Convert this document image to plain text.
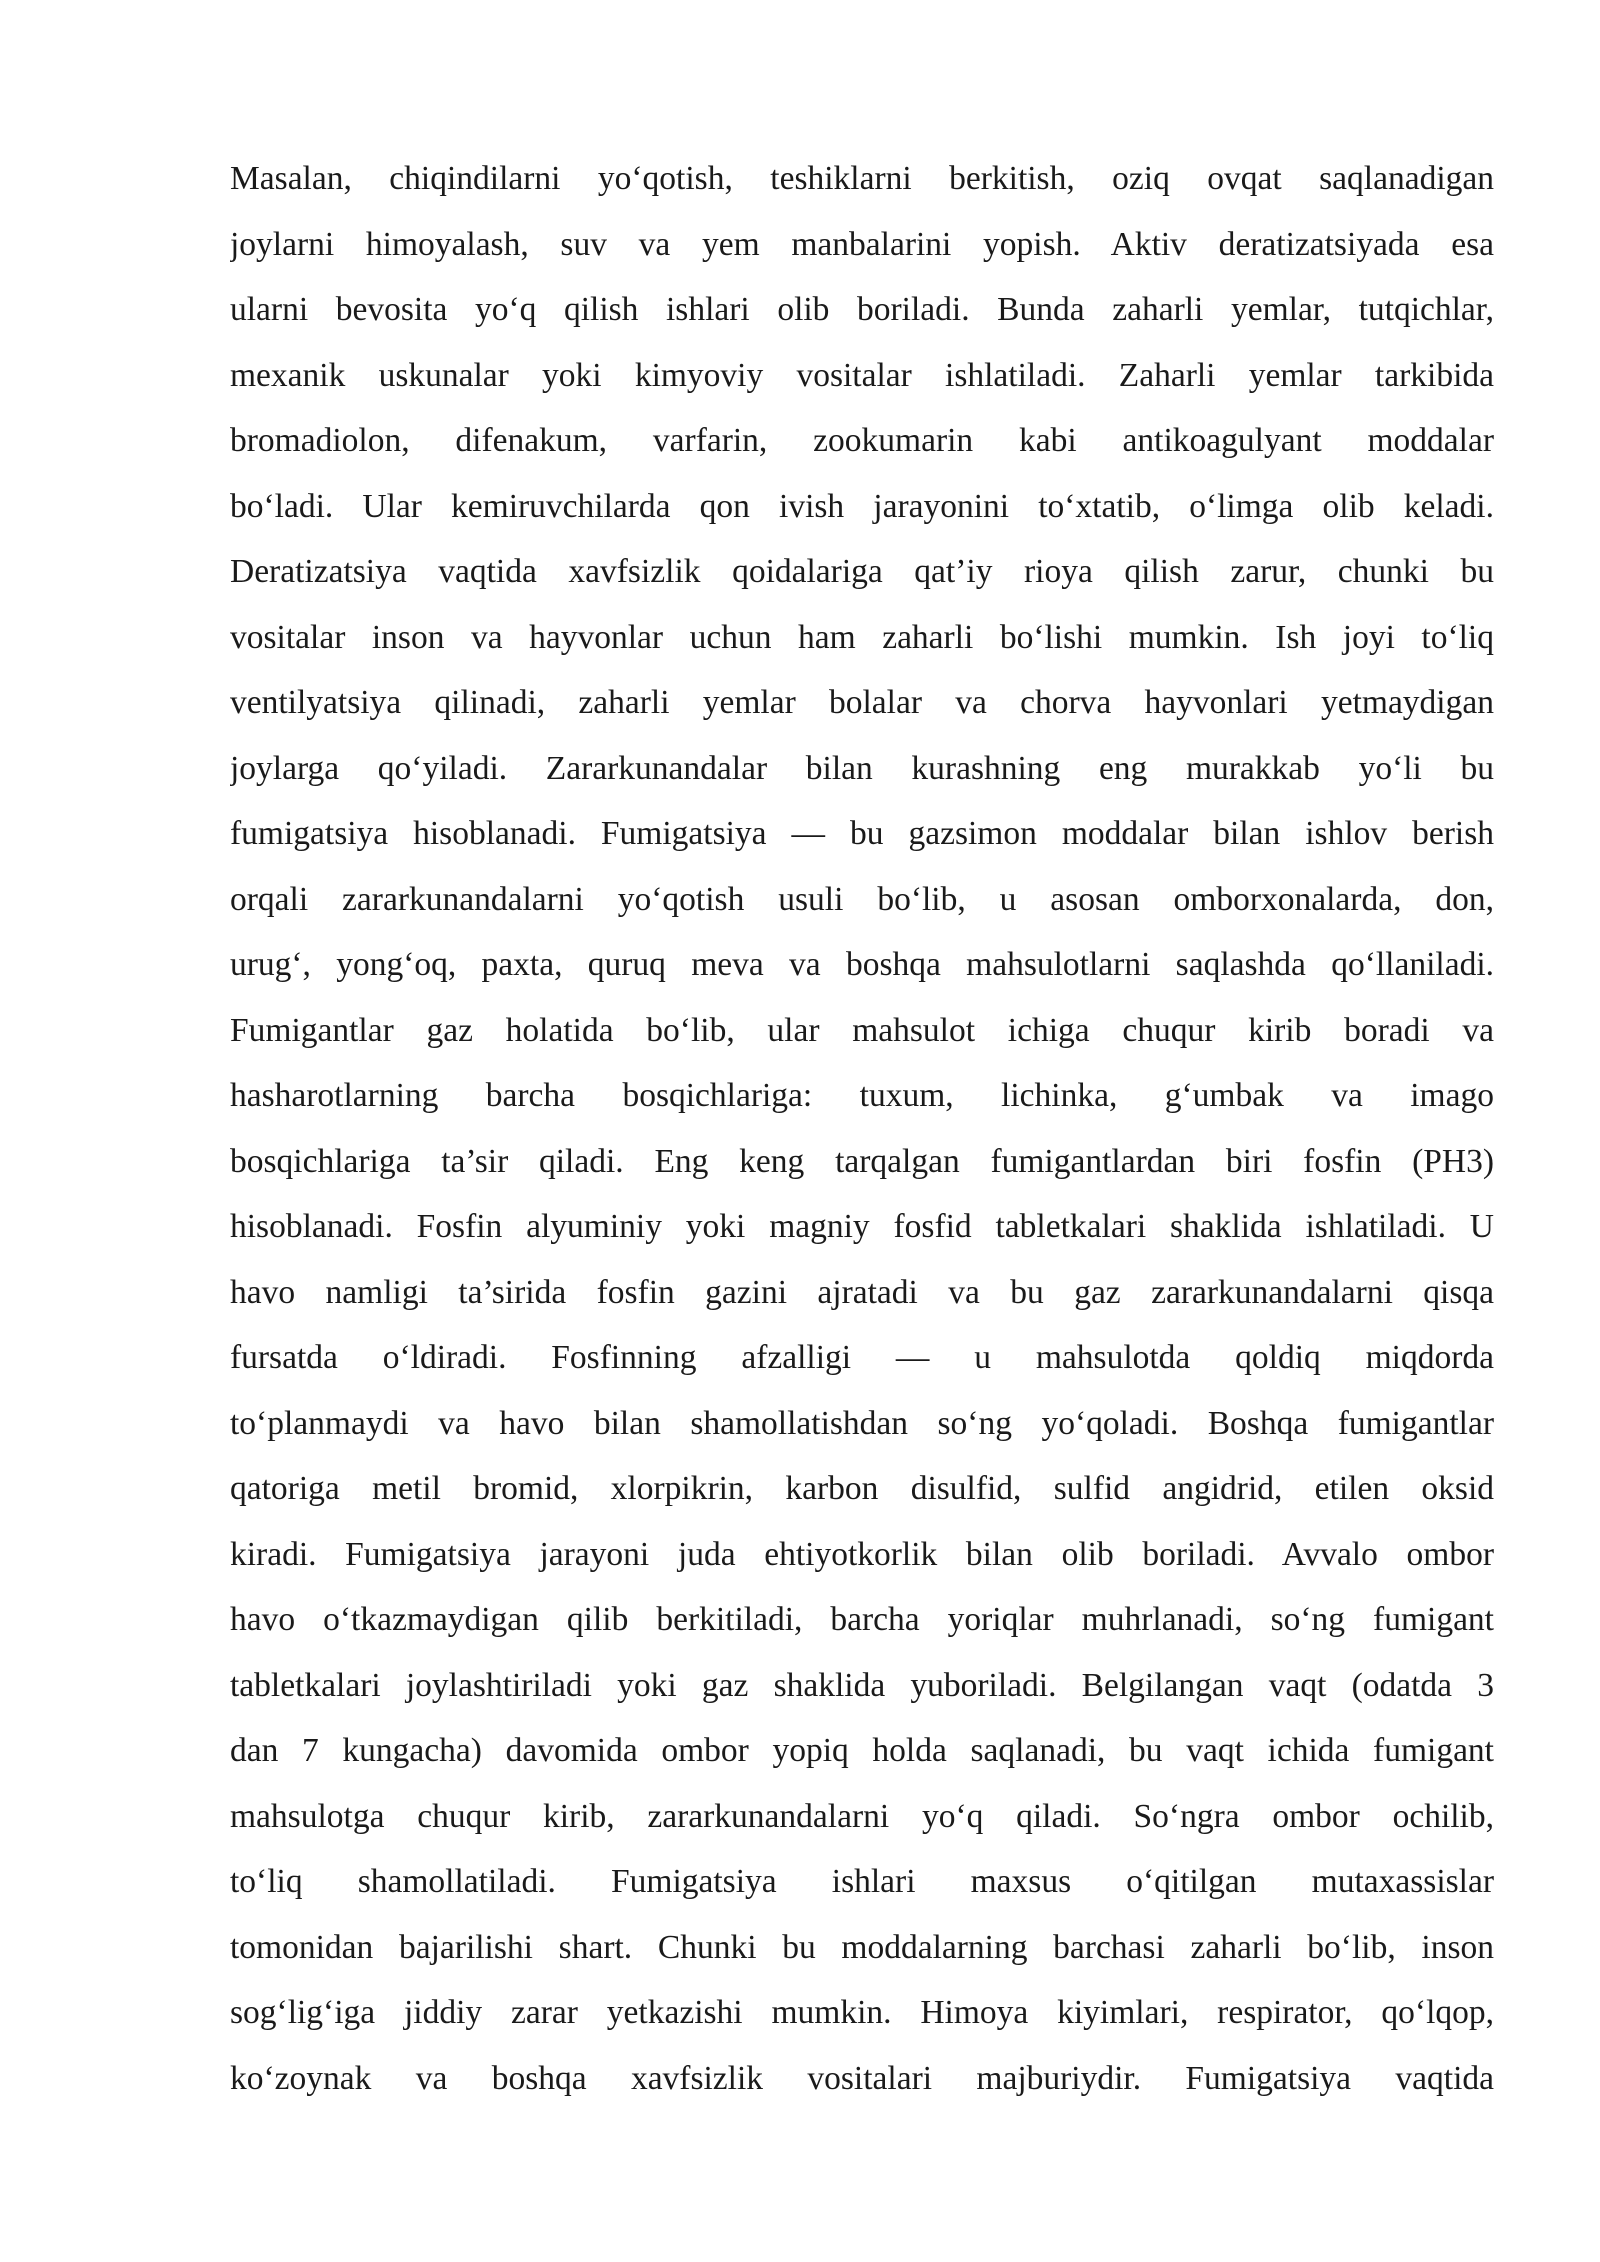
Masalan, chiqindilarni yo‘qotish, teshiklarni berkitish, oziq ovqat saqlanadigan
joylarni himoyalash, suv va yem manbalarini yopish. Aktiv deratizatsiyada esa
ularni bevosita yo‘q qilish ishlari olib boriladi. Bunda zaharli yemlar, tutqichlar,
mexanik uskunalar yoki kimyoviy vositalar ishlatiladi. Zaharli yemlar tarkibida
bromadiolon, difenakum, varfarin, zookumarin kabi antikoagulyant moddalar
bo‘ladi. Ular kemiruvchilarda qon ivish jarayonini to‘xtatib, o‘limga olib keladi.
Deratizatsiya vaqtida xavfsizlik qoidalariga qat’iy rioya qilish zarur, chunki bu
vositalar inson va hayvonlar uchun ham zaharli bo‘lishi mumkin. Ish joyi to‘liq
ventilyatsiya qilinadi, zaharli yemlar bolalar va chorva hayvonlari yetmaydigan
joylarga qo‘yiladi. Zararkunandalar bilan kurashning eng murakkab yo‘li bu
fumigatsiya hisoblanadi. Fumigatsiya — bu gazsimon moddalar bilan ishlov berish
orqali zararkunandalarni yo‘qotish usuli bo‘lib, u asosan omborxonalarda, don,
urug‘, yong‘oq, paxta, quruq meva va boshqa mahsulotlarni saqlashda qo‘llaniladi.
Fumigantlar gaz holatida bo‘lib, ular mahsulot ichiga chuqur kirib boradi va
hasharotlarning barcha bosqichlariga: tuxum, lichinka, g‘umbak va imago
bosqichlariga ta’sir qiladi. Eng keng tarqalgan fumigantlardan biri fosfin (PH3)
hisoblanadi. Fosfin alyuminiy yoki magniy fosfid tabletkalari shaklida ishlatiladi. U
havo namligi ta’sirida fosfin gazini ajratadi va bu gaz zararkunandalarni qisqa
fursatda o‘ldiradi. Fosfinning afzalligi — u mahsulotda qoldiq miqdorda
to‘planmaydi va havo bilan shamollatishdan so‘ng yo‘qoladi. Boshqa fumigantlar
qatoriga metil bromid, xlorpikrin, karbon disulfid, sulfid angidrid, etilen oksid
kiradi. Fumigatsiya jarayoni juda ehtiyotkorlik bilan olib boriladi. Avvalo ombor
havo o‘tkazmaydigan qilib berkitiladi, barcha yoriqlar muhrlanadi, so‘ng fumigant
tabletkalari joylashtiriladi yoki gaz shaklida yuboriladi. Belgilangan vaqt (odatda 3
dan 7 kungacha) davomida ombor yopiq holda saqlanadi, bu vaqt ichida fumigant
mahsulotga chuqur kirib, zararkunandalarni yo‘q qiladi. So‘ngra ombor ochilib,
to‘liq shamollatiladi. Fumigatsiya ishlari maxsus o‘qitilgan mutaxassislar
tomonidan bajarilishi shart. Chunki bu moddalarning barchasi zaharli bo‘lib, inson
sog‘lig‘iga jiddiy zarar yetkazishi mumkin. Himoya kiyimlari, respirator, qo‘lqop,
ko‘zoynak va boshqa xavfsizlik vositalari majburiydir. Fumigatsiya vaqtida
